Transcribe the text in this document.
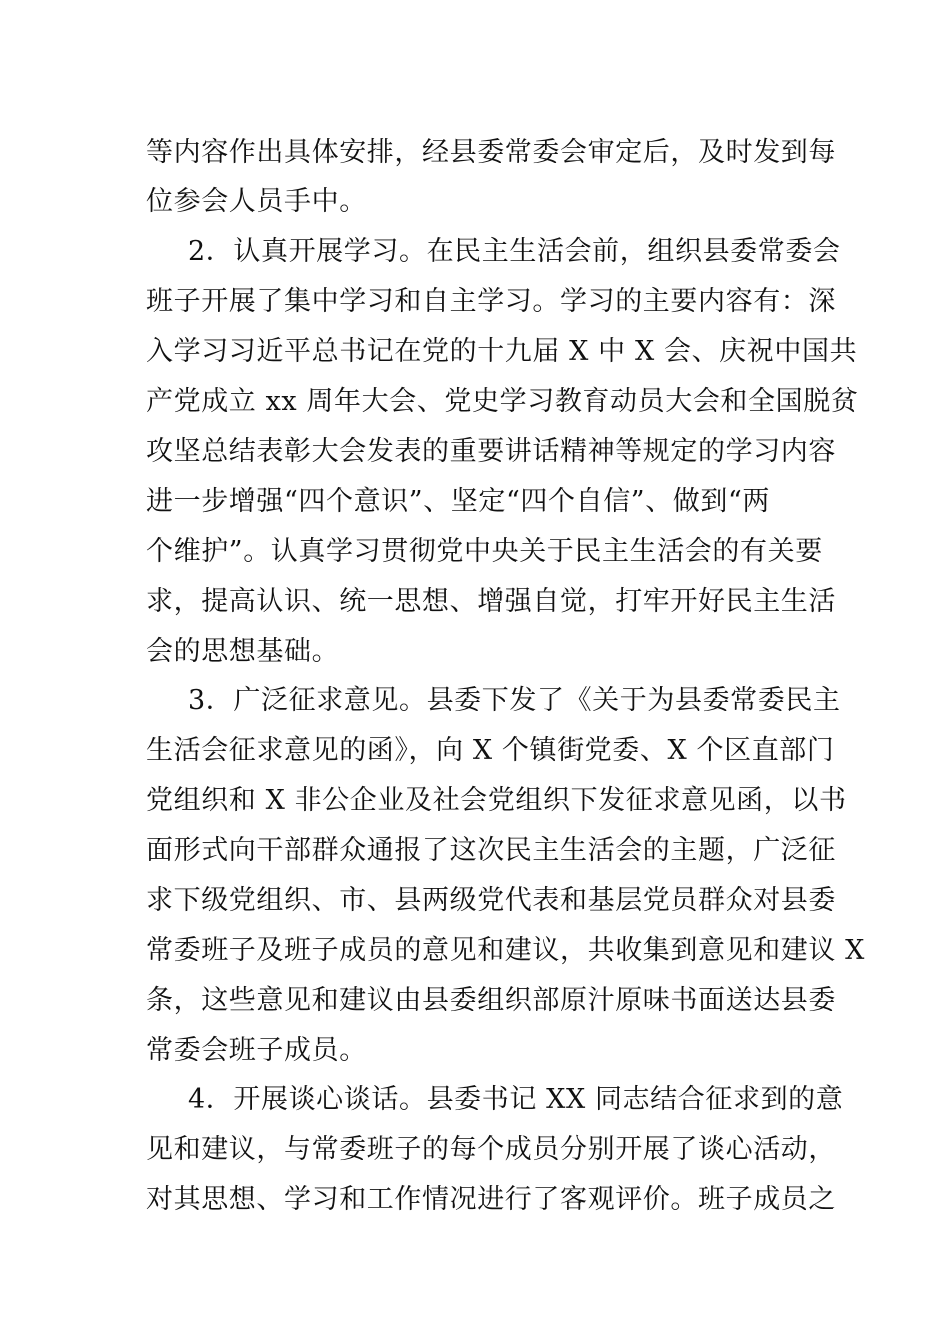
等内容作出具体安排，经县委常委会审定后，及时发到每
位参会人员手中。
2．认真开展学习。在民主生活会前，组织县委常委会
班子开展了集中学习和自主学习。学习的主要内容有：深
入学习习近平总书记在党的十九届 X 中 X 会、庆祝中国共
产党成立 xx 周年大会、党史学习教育动员大会和全国脱贫
攻坚总结表彰大会发表的重要讲话精神等规定的学习内容
进一步增强“四个意识”、坚定“四个自信”、做到“两
个维护”。认真学习贯彻党中央关于民主生活会的有关要
求，提高认识、统一思想、增强自觉，打牢开好民主生活
会的思想基础。
3．广泛征求意见。县委下发了《关于为县委常委民主
生活会征求意见的函》，向 X 个镇街党委、X 个区直部门
党组织和 X 非公企业及社会党组织下发征求意见函，以书
面形式向干部群众通报了这次民主生活会的主题，广泛征
求下级党组织、市、县两级党代表和基层党员群众对县委
常委班子及班子成员的意见和建议，共收集到意见和建议 X
条，这些意见和建议由县委组织部原汁原味书面送达县委
常委会班子成员。
4．开展谈心谈话。县委书记 XX 同志结合征求到的意
见和建议，与常委班子的每个成员分别开展了谈心活动，
对其思想、学习和工作情况进行了客观评价。班子成员之
